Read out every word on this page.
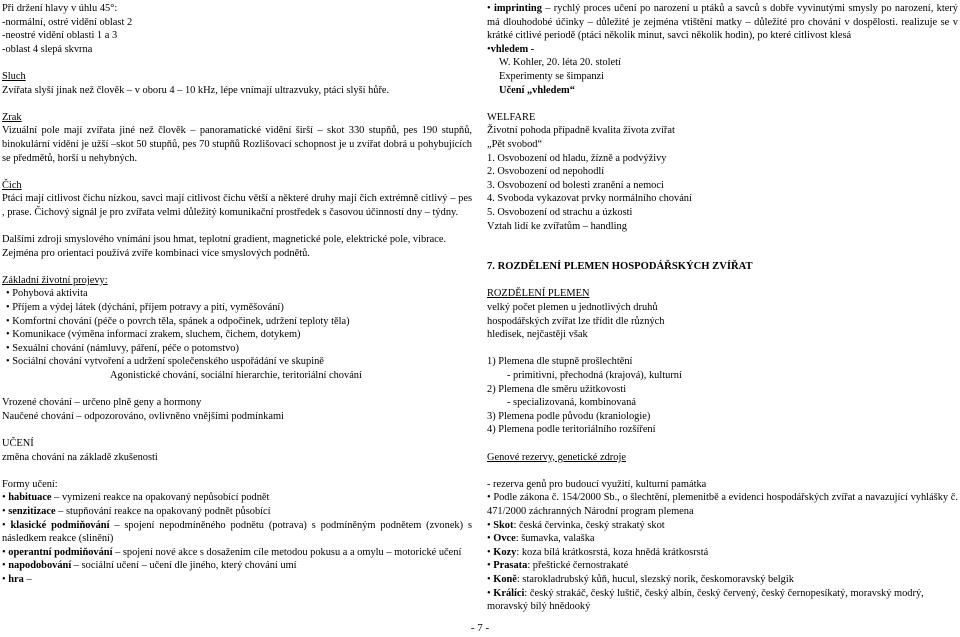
Při držení hlavy v úhlu 45°:
-normální, ostré vidění oblast 2
-neostré vidění oblasti 1 a 3
-oblast 4 slepá skvrna
Sluch
Zvířata slyší jinak než člověk – v oboru 4 – 10 kHz, lépe vnímají ultrazvuky, ptáci slyší hůře.
Zrak
Vizuální pole mají zvířata jiné než člověk – panoramatické vidění širší – skot 330 stupňů, pes 190 stupňů, binokulární vidění je užší –skot 50 stupňů, pes 70 stupňů Rozlišovací schopnost je u zvířat dobrá u pohybujících se předmětů, horší u nehybných.
Čich
Ptáci mají citlivost čichu nízkou, savci mají citlivost čichu větší a některé druhy mají čich extrémně citlivý – pes , prase. Čichový signál je pro zvířata velmi důležitý komunikační prostředek s časovou účinností dny – týdny.
Dalšími zdroji smyslového vnímání jsou hmat, teplotní gradient, magnetické pole, elektrické pole, vibrace.
Zejména pro orientaci používá zvíře kombinaci více smyslových podnětů.
Základní životní projevy:
• Pohybová aktivita
• Příjem a výdej látek (dýchání, příjem potravy a pití, vyměšování)
• Komfortní chování (péče o povrch těla, spánek a odpočinek, udržení teploty těla)
• Komunikace (výměna informací zrakem, sluchem, čichem, dotykem)
• Sexuální chování (námluvy, páření, péče o potomstvo)
• Sociální chování vytvoření a udržení společenského uspořádání ve skupině
Agonistické chování, sociální hierarchie, teritoriální chování
Vrozené chování – určeno plně geny a hormony
Naučené chování – odpozorováno, ovlivněno vnějšími podmínkami
UČENÍ
změna chování na základě zkušenosti
Formy učení:
• habituace – vymizení reakce na opakovaný nepůsobící podnět
• senzitizace – stupňování reakce na opakovaný podnět působící
• klasické podmiňování – spojení nepodmíněného podnětu (potrava) s podmíněným podnětem (zvonek) s následkem reakce (slinění)
• operantní podmiňování – spojení nové akce s dosažením cíle metodou pokusu a a omylu – motorické učení
• napodobování – sociální učení – učení dle jiného, který chování umí
• hra –
• imprinting – rychlý proces učení po narození u ptáků a savců s dobře vyvinutými smysly po narození, který má dlouhodobé účinky – důležité je zejména vtištění matky – důležité pro chování v dospělosti. realizuje se v krátké citlivé periodě (ptáci několik minut, savci několik hodin), po které citlivost klesá
•vhledem -
W. Kohler, 20. léta 20. století
Experimenty se šimpanzi
Učení „vhledem“
WELFARE
Životní pohoda případně kvalita života zvířat
„Pět svobod“
1. Osvobození od hladu, žízně a podvýživy
2. Osvobození od nepohodlí
3. Osvobození od bolesti zranění a nemoci
4. Svoboda vykazovat prvky normálního chování
5. Osvobození od strachu a úzkosti
Vztah lidí ke zvířatům – handling
7. ROZDĚLENÍ PLEMEN HOSPODÁŘSKÝCH ZVÍŘAT
ROZDĚLENÍ PLEMEN
velký počet plemen u jednotlivých druhů
hospodářských zvířat lze třídit dle různých
hledisek, nejčastěji však
1) Plemena dle stupně prošlechtění
- primitivní, přechodná (krajová), kulturní
2) Plemena dle směru užitkovosti
- specializovaná, kombinovaná
3) Plemena podle původu (kraniologie)
4) Plemena podle teritoriálního rozšíření
Genové rezervy, genetické zdroje
- rezerva genů pro budoucí využití, kulturní památka
• Podle zákona č. 154/2000 Sb., o šlechtění, plemenitbě a evidenci hospodářských zvířat a navazující vyhlášky č. 471/2000 záchranných Národní program plemena
• Skot: česká červinka, český strakatý skot
• Ovce: šumavka, valaška
• Kozy: koza bílá krátkosrstá, koza hnědá krátkosrstá
• Prasata: přeštické černostrakaté
• Koně: starokladrubský kůň, hucul, slezský norik, českomoravský belgik
• Králíci: český strakáč, český luštič, český albín, český červený, český černopesíkatý, moravský modrý, moravský bílý hnědooký
- 7 -
